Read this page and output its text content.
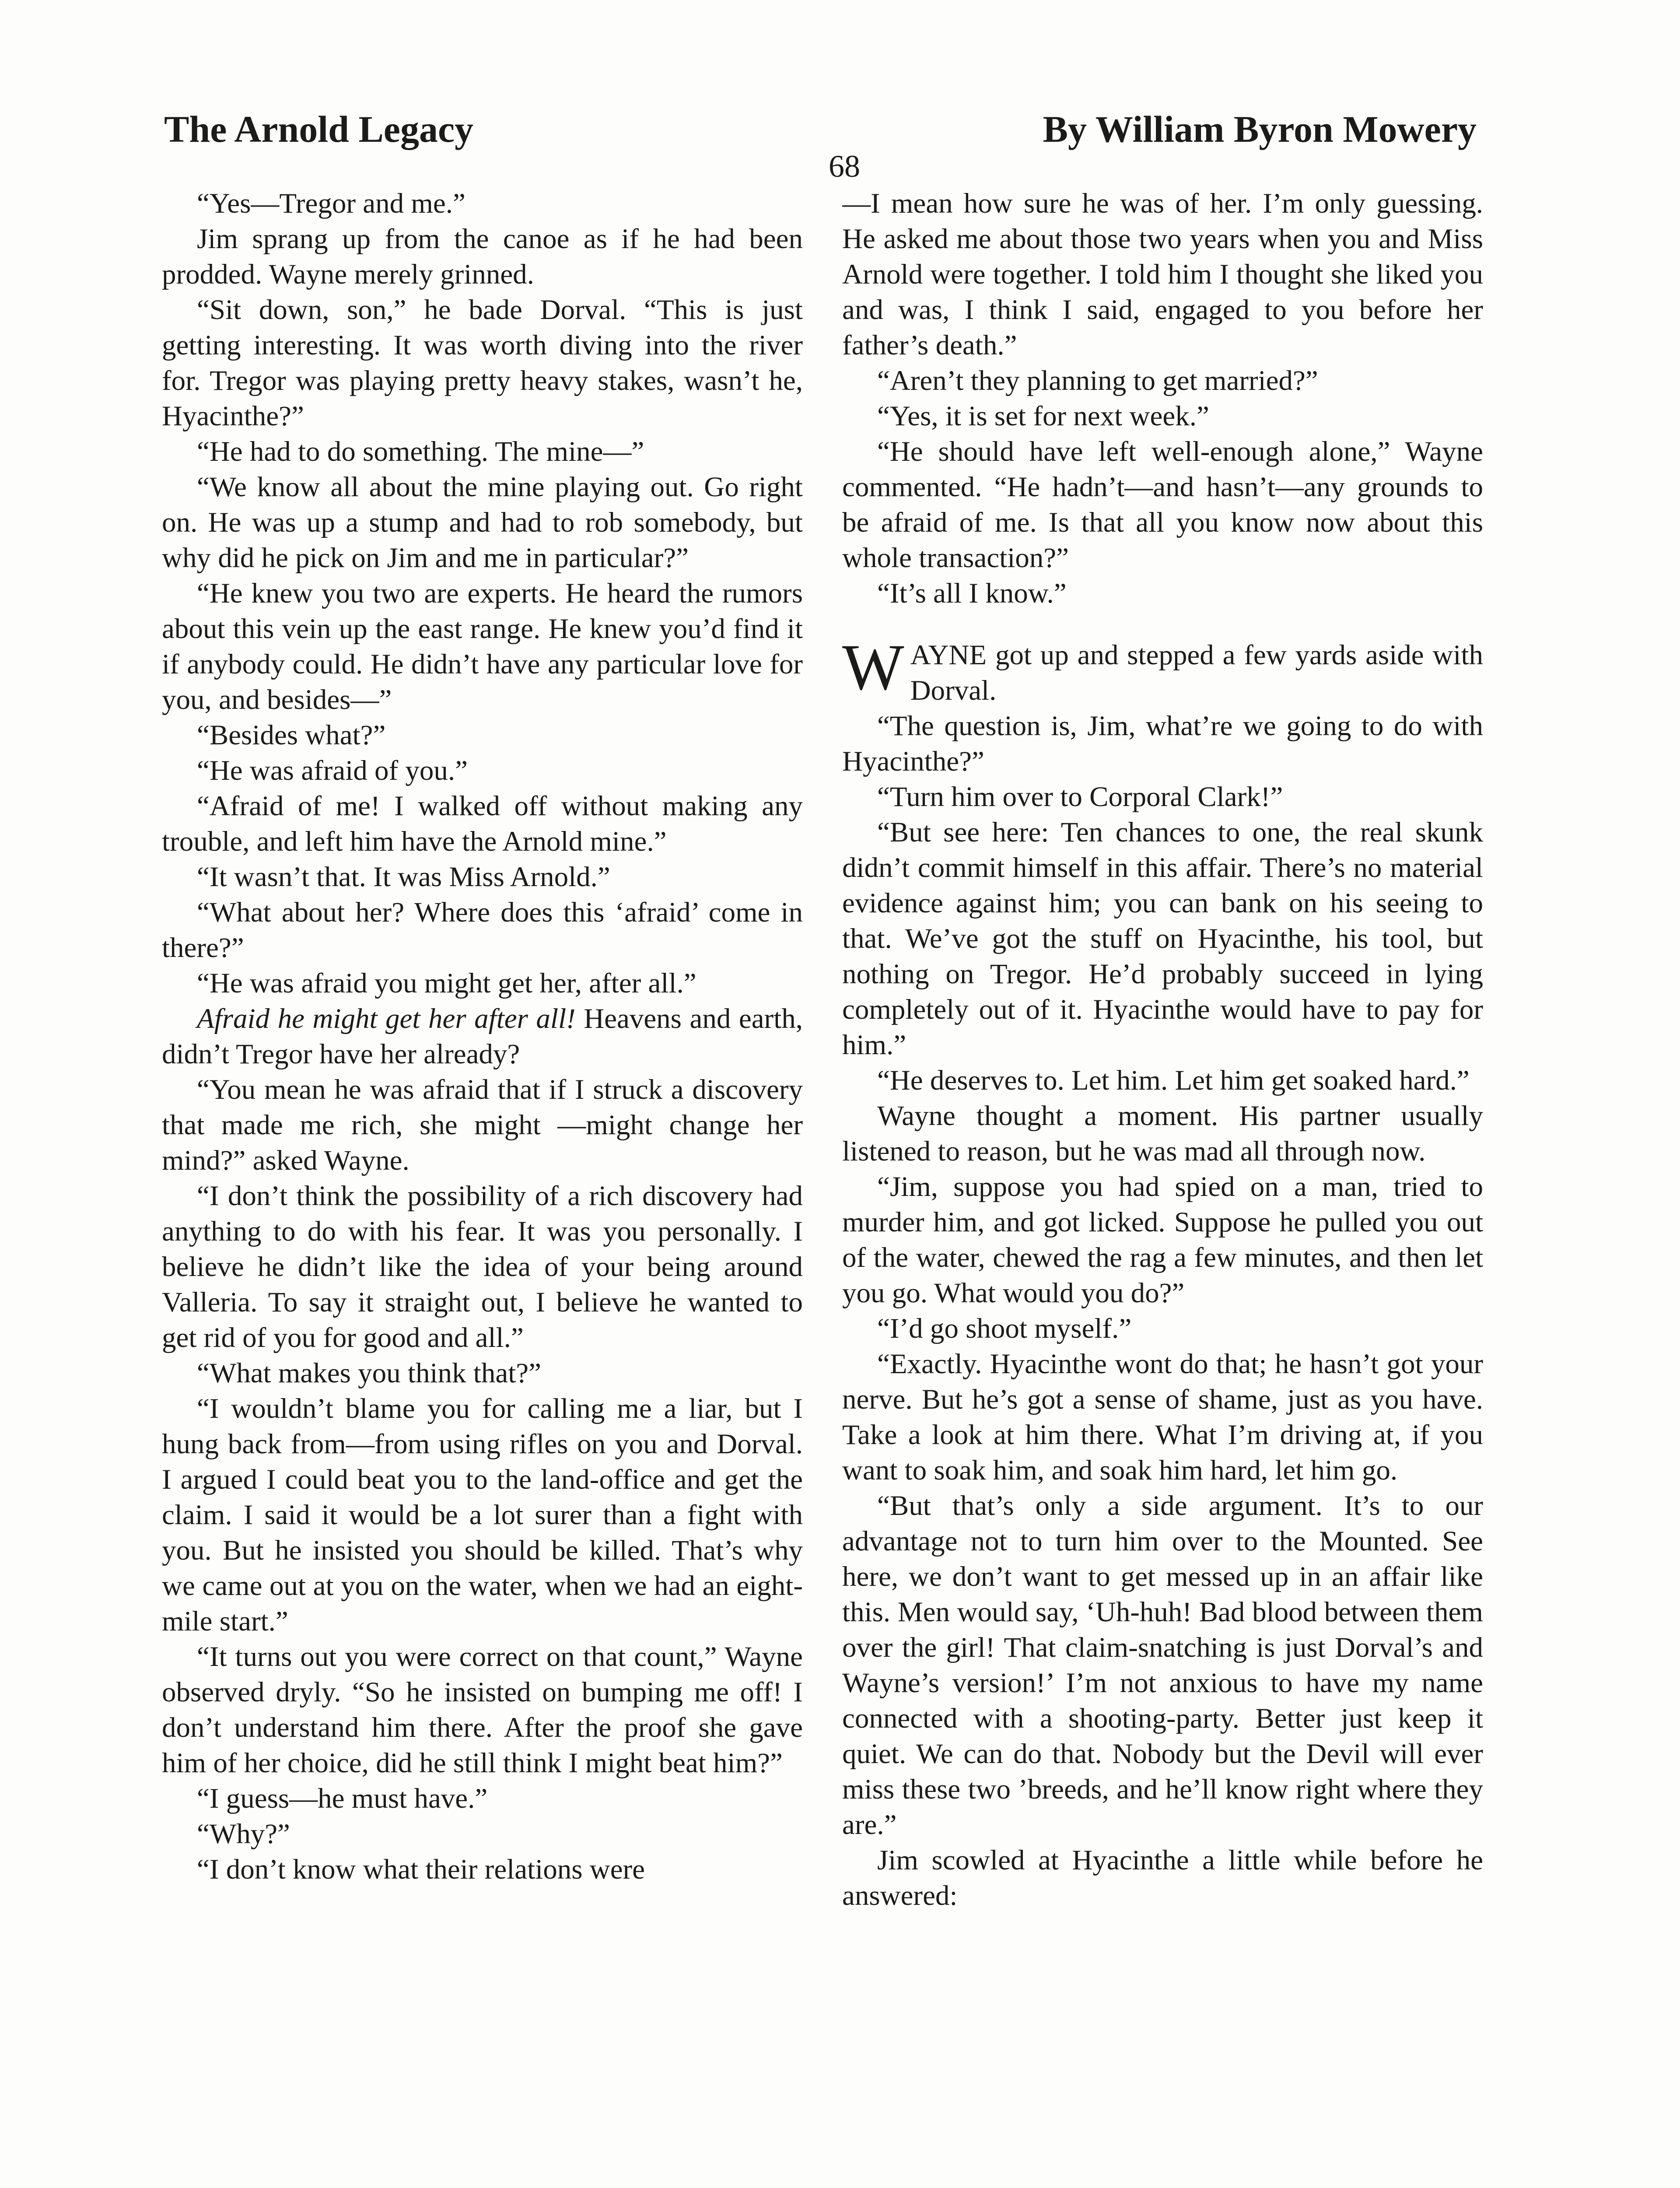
The Arnold Legacy	By William Byron Mowery
68

“Yes—Tregor and me.”

Jim sprang up from the canoe as if he had been prodded. Wayne merely grinned.

“Sit down, son,” he bade Dorval. “This is just getting interesting. It was worth diving into the river for. Tregor was playing pretty heavy stakes, wasn’t he, Hyacinthe?”

“He had to do something. The mine—”

“We know all about the mine playing out. Go right on. He was up a stump and had to rob somebody, but why did he pick on Jim and me in particular?”

“He knew you two are experts. He heard the rumors about this vein up the east range. He knew you’d find it if anybody could. He didn’t have any particular love for you, and besides—”

“Besides what?”

“He was afraid of you.”

“Afraid of me! I walked off without making any trouble, and left him have the Arnold mine.”

“It wasn’t that. It was Miss Arnold.”

“What about her? Where does this ‘afraid’ come in there?”

“He was afraid you might get her, after all.”

Afraid he might get her after all! Heavens and earth, didn’t Tregor have her already?

“You mean he was afraid that if I struck a discovery that made me rich, she might —might change her mind?” asked Wayne.

“I don’t think the possibility of a rich discovery had anything to do with his fear. It was you personally. I believe he didn’t like the idea of your being around Valleria. To say it straight out, I believe he wanted to get rid of you for good and all.”

“What makes you think that?”

“I wouldn’t blame you for calling me a liar, but I hung back from—from using rifles on you and Dorval. I argued I could beat you to the land-office and get the claim. I said it would be a lot surer than a fight with you. But he insisted you should be killed. That’s why we came out at you on the water, when we had an eight-mile start.”

“It turns out you were correct on that count,” Wayne observed dryly. “So he insisted on bumping me off! I don’t understand him there. After the proof she gave him of her choice, did he still think I might beat him?”

“I guess—he must have.”

“Why?”

“I don’t know what their relations were

—I mean how sure he was of her. I’m only guessing. He asked me about those two years when you and Miss Arnold were together. I told him I thought she liked you and was, I think I said, engaged to you before her father’s death.”

“Aren’t they planning to get married?”

“Yes, it is set for next week.”

“He should have left well-enough alone,” Wayne commented. “He hadn’t—and hasn’t—any grounds to be afraid of me. Is that all you know now about this whole transaction?”

“It’s all I know.”

WAYNE got up and stepped a few yards aside with Dorval.

“The question is, Jim, what’re we going to do with Hyacinthe?”

“Turn him over to Corporal Clark!”

“But see here: Ten chances to one, the real skunk didn’t commit himself in this affair. There’s no material evidence against him; you can bank on his seeing to that. We’ve got the stuff on Hyacinthe, his tool, but nothing on Tregor. He’d probably succeed in lying completely out of it. Hyacinthe would have to pay for him.”

“He deserves to. Let him. Let him get soaked hard.”

Wayne thought a moment. His partner usually listened to reason, but he was mad all through now.

“Jim, suppose you had spied on a man, tried to murder him, and got licked. Suppose he pulled you out of the water, chewed the rag a few minutes, and then let you go. What would you do?”

“I’d go shoot myself.”

“Exactly. Hyacinthe wont do that; he hasn’t got your nerve. But he’s got a sense of shame, just as you have. Take a look at him there. What I’m driving at, if you want to soak him, and soak him hard, let him go.

“But that’s only a side argument. It’s to our advantage not to turn him over to the Mounted. See here, we don’t want to get messed up in an affair like this. Men would say, ‘Uh-huh! Bad blood between them over the girl! That claim-snatching is just Dorval’s and Wayne’s version!’ I’m not anxious to have my name connected with a shooting-party. Better just keep it quiet. We can do that. Nobody but the Devil will ever miss these two ’breeds, and he’ll know right where they are.”

Jim scowled at Hyacinthe a little while before he answered:
